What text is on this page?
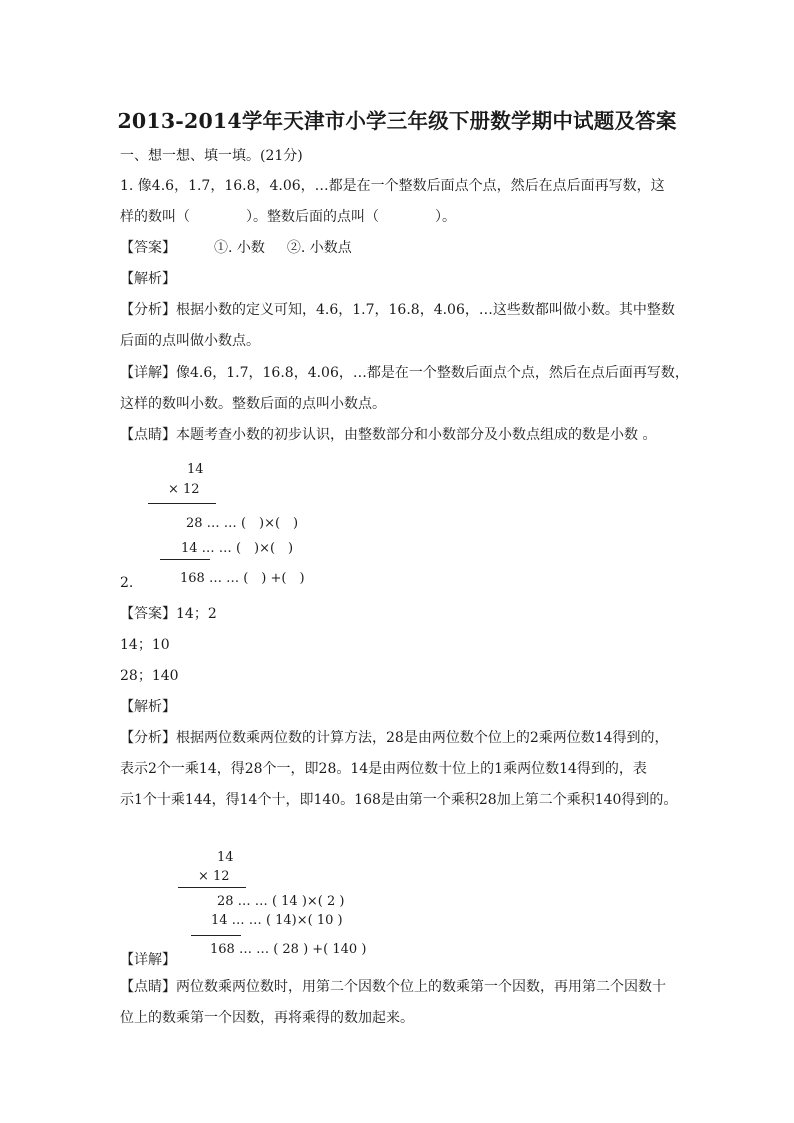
2013-2014学年天津市小学三年级下册数学期中试题及答案
一、想一想、填一填。(21分)
1. 像4.6，1.7，16.8，4.06，…都是在一个整数后面点个点，然后在点后面再写数，这
样的数叫（　　　　）。整数后面的点叫（　　　　）。
【答案】	①. 小数 ②. 小数点
【解析】
【分析】根据小数的定义可知，4.6，1.7，16.8，4.06，…这些数都叫做小数。其中整数
后面的点叫做小数点。
【详解】像4.6，1.7，16.8，4.06，…都是在一个整数后面点个点，然后在点后面再写数，
这样的数叫小数。整数后面的点叫小数点。
【点睛】本题考查小数的初步认识，由整数部分和小数部分及小数点组成的数是小数 。
14
× 12
28 … … (　)×(　)
14 … … (　)×(　)
168 … … (　) +(　)
2.
【答案】14；2
14；10
28；140
【解析】
【分析】根据两位数乘两位数的计算方法，28是由两位数个位上的2乘两位数14得到的，
表示2个一乘14，得28个一，即28。14是由两位数十位上的1乘两位数14得到的，表
示1个十乘144，得14个十，即140。168是由第一个乘积28加上第二个乘积140得到的。
14
× 12
28 … … ( 14 )×( 2 )
14 … … ( 14)×( 10 )
168 … … ( 28 ) +( 140 )
【详解】
【点睛】两位数乘两位数时，用第二个因数个位上的数乘第一个因数，再用第二个因数十
位上的数乘第一个因数，再将乘得的数加起来。
